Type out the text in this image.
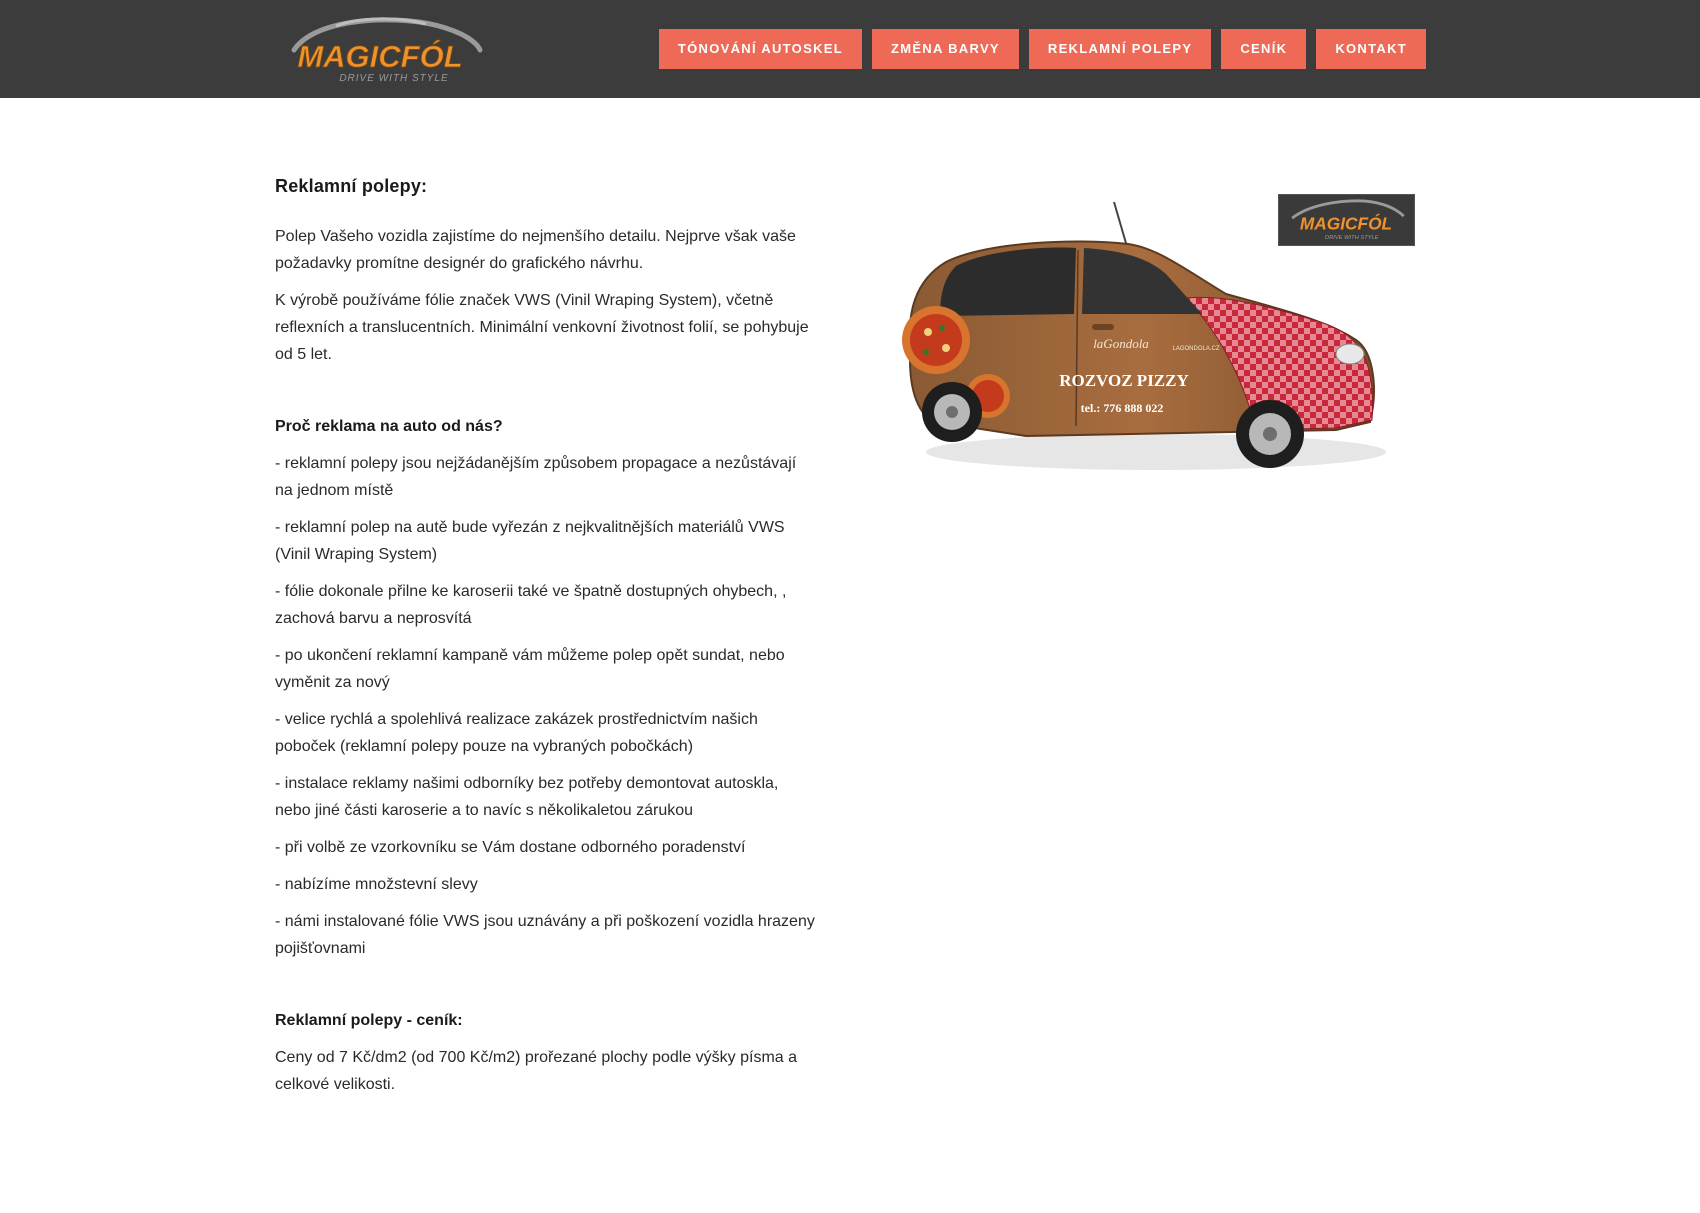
MAGICFÓL
DRIVE WITH STYLE
TÓNOVÁNÍ AUTOSKEL	ZMĚNA BARVY	REKLAMNÍ POLEPY	CENÍK	KONTAKT
Reklamní polepy:

Polep Vašeho vozidla zajistíme do nejmenšího detailu. Nejprve však vaše požadavky promítne designér do grafického návrhu.

K výrobě používáme fólie značek VWS (Vinil Wraping System), včetně reflexních a translucentních. Minimální venkovní životnost folií, se pohybuje od 5 let.

Proč reklama na auto od nás?

- reklamní polepy jsou nejžádanějším způsobem propagace a nezůstávají na jednom místě

- reklamní polep na autě bude vyřezán z nejkvalitnějších materiálů VWS (Vinil Wraping System)

- fólie dokonale přilne ke karoserii také ve špatně dostupných ohybech, , zachová barvu a neprosvítá

- po ukončení reklamní kampaně vám můžeme polep opět sundat, nebo vyměnit za nový

- velice rychlá a spolehlivá realizace zakázek prostřednictvím našich poboček (reklamní polepy pouze na vybraných pobočkách)

- instalace reklamy našimi odborníky bez potřeby demontovat autoskla, nebo jiné části karoserie a to navíc s několikaletou zárukou

- při volbě ze vzorkovníku se Vám dostane odborného poradenství

- nabízíme množstevní slevy

- námi instalované fólie VWS jsou uznávány a při poškození vozidla hrazeny pojišťovnami

Reklamní polepy - ceník:

Ceny od 7 Kč/dm2 (od 700 Kč/m2) prořezané plochy podle výšky písma a celkové velikosti.

laGondola	LAGONDOLA.CZ
ROZVOZ PIZZY
tel.: 776 888 022
MAGICFÓL
DRIVE WITH STYLE
